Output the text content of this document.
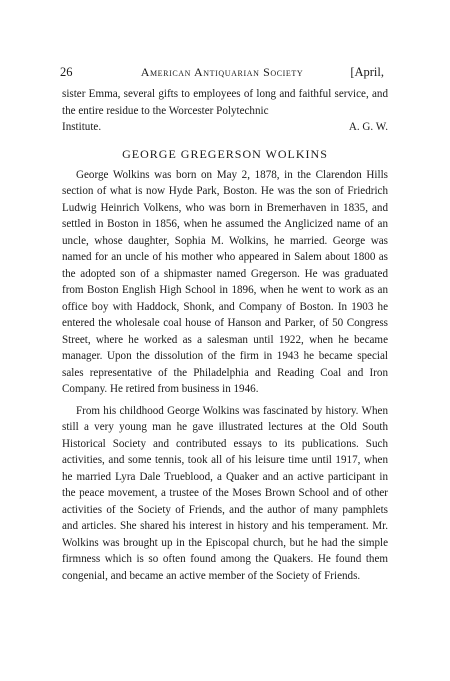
26	American Antiquarian Society	[April,

sister Emma, several gifts to employees of long and faithful service, and the entire residue to the Worcester Polytechnic

Institute.	A. G. W.
GEORGE GREGERSON WOLKINS

George Wolkins was born on May 2, 1878, in the Clarendon Hills section of what is now Hyde Park, Boston. He was the son of Friedrich Ludwig Heinrich Volkens, who was born in Bremerhaven in 1835, and settled in Boston in 1856, when he assumed the Anglicized name of an uncle, whose daughter, Sophia M. Wolkins, he married. George was named for an uncle of his mother who appeared in Salem about 1800 as the adopted son of a shipmaster named Gregerson. He was graduated from Boston English High School in 1896, when he went to work as an office boy with Haddock, Shonk, and Company of Boston. In 1903 he entered the wholesale coal house of Hanson and Parker, of 50 Congress Street, where he worked as a salesman until 1922, when he became manager. Upon the dissolution of the firm in 1943 he became special sales representative of the Philadelphia and Reading Coal and Iron Company. He retired from business in 1946.

From his childhood George Wolkins was fascinated by history. When still a very young man he gave illustrated lectures at the Old South Historical Society and contributed essays to its publications. Such activities, and some tennis, took all of his leisure time until 1917, when he married Lyra Dale Trueblood, a Quaker and an active participant in the peace movement, a trustee of the Moses Brown School and of other activities of the Society of Friends, and the author of many pamphlets and articles. She shared his interest in history and his temperament. Mr. Wolkins was brought up in the Episcopal church, but he had the simple firmness which is so often found among the Quakers. He found them congenial, and became an active member of the Society of Friends.
